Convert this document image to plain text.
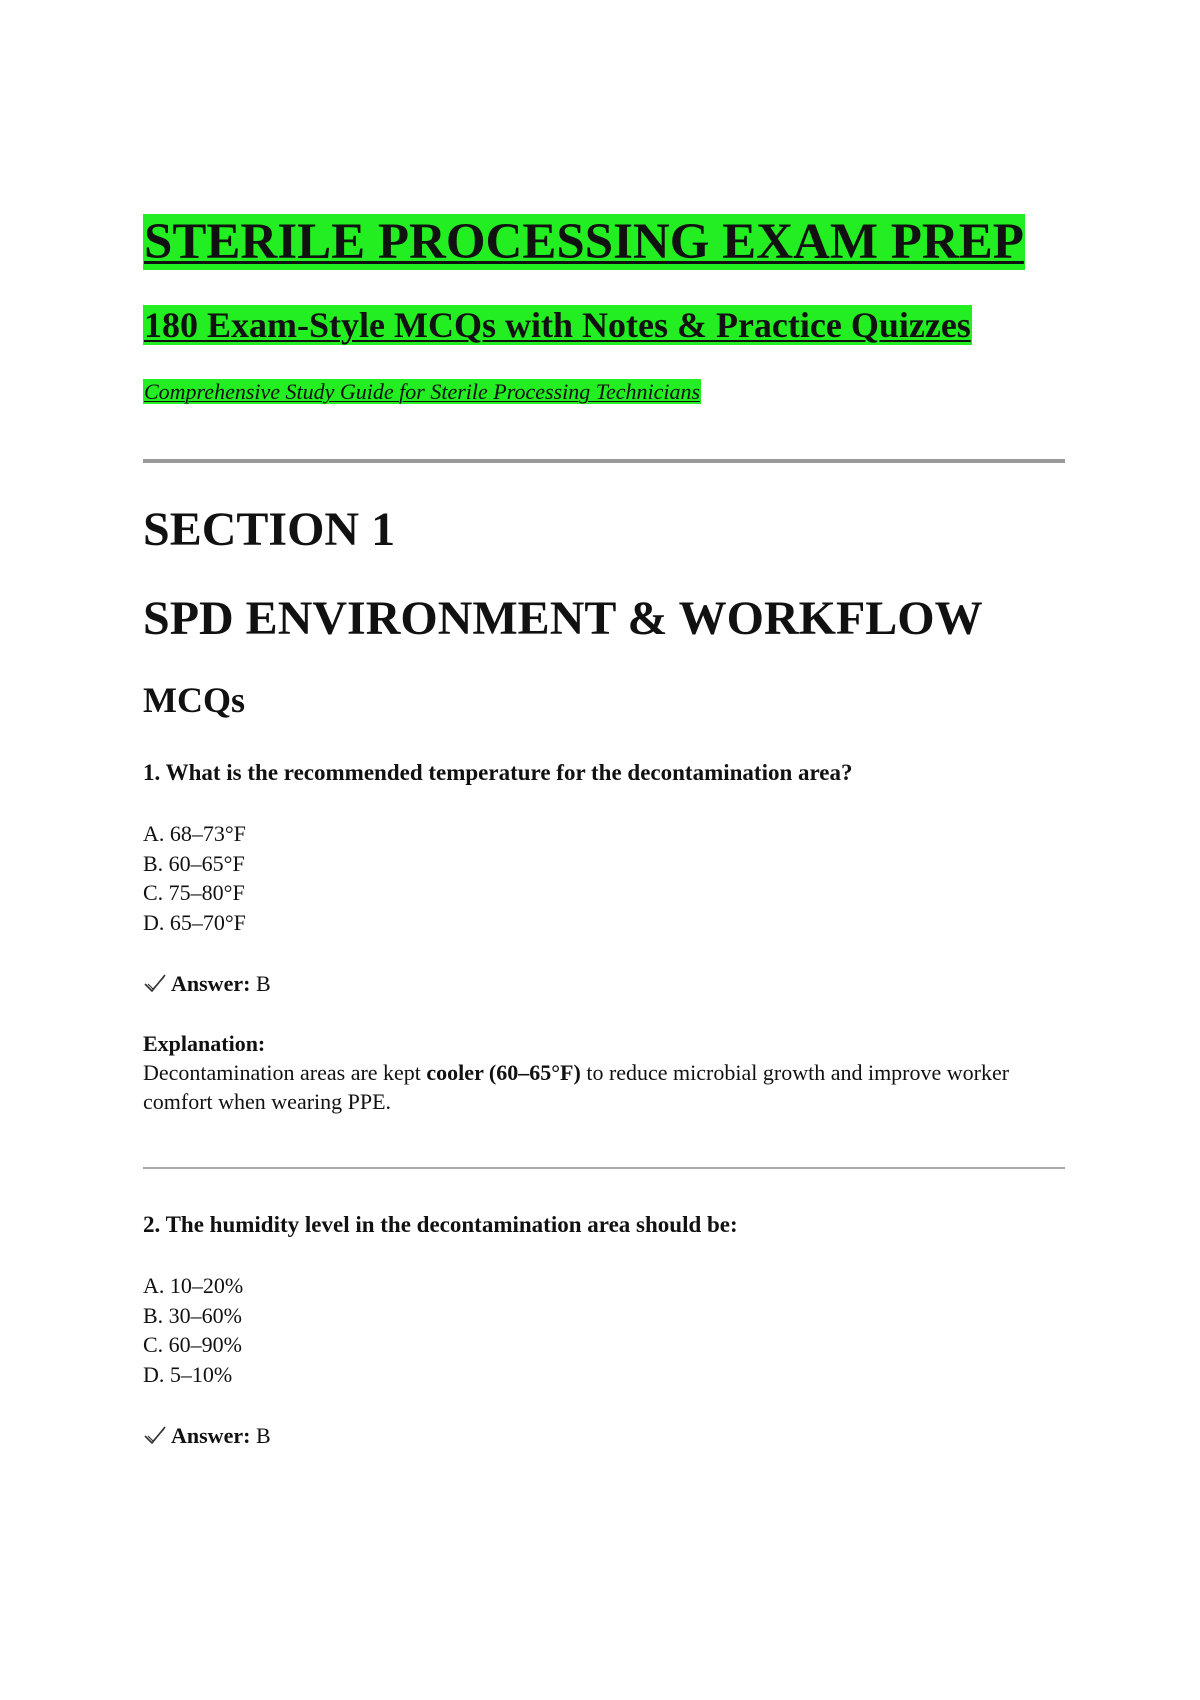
STERILE PROCESSING EXAM PREP
180 Exam-Style MCQs with Notes & Practice Quizzes

Comprehensive Study Guide for Sterile Processing Technicians

SECTION 1
SPD ENVIRONMENT & WORKFLOW
MCQs

1. What is the recommended temperature for the decontamination area?

A. 68–73°F
B. 60–65°F
C. 75–80°F
D. 65–70°F

Answer: B

Explanation:

Decontamination areas are kept cooler (60–65°F) to reduce microbial growth and improve worker comfort when wearing PPE.

2. The humidity level in the decontamination area should be:

A. 10–20%
B. 30–60%
C. 60–90%
D. 5–10%

Answer: B
